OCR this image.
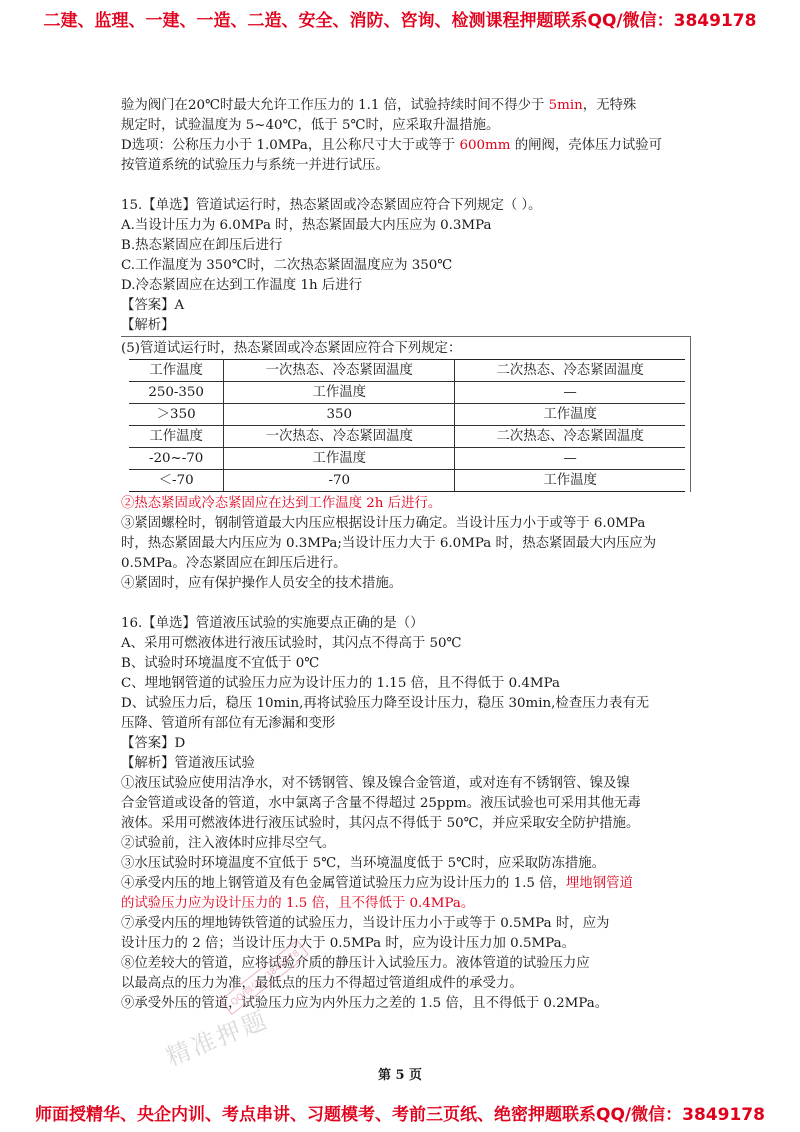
二建、监理、一建、一造、二造、安全、消防、咨询、检测课程押题联系QQ/微信：3849178

验为阀门在20℃时最大允许工作压力的 1.1 倍，试验持续时间不得少于 5min，无特殊

规定时，试验温度为 5~40℃，低于 5℃时，应采取升温措施。

D选项：公称压力小于 1.0MPa，且公称尺寸大于或等于 600mm 的闸阀，壳体压力试验可

按管道系统的试验压力与系统一并进行试压。

15.【单选】管道试运行时，热态紧固或冷态紧固应符合下列规定（ ）。

A.当设计压力为 6.0MPa 时，热态紧固最大内压应为 0.3MPa

B.热态紧固应在卸压后进行

C.工作温度为 350℃时，二次热态紧固温度应为 350℃

D.冷态紧固应在达到工作温度 1h 后进行

【答案】A

【解析】

(5)管道试运行时，热态紧固或冷态紧固应符合下列规定：

工作温度	一次热态、冷态紧固温度	二次热态、冷态紧固温度
250-350	工作温度	—
＞350	350	工作温度
工作温度	一次热态、冷态紧固温度	二次热态、冷态紧固温度
-20~-70	工作温度	—
＜-70	-70	工作温度

②热态紧固或冷态紧固应在达到工作温度 2h 后进行。

③紧固螺栓时，钢制管道最大内压应根据设计压力确定。当设计压力小于或等于 6.0MPa

时，热态紧固最大内压应为 0.3MPa;当设计压力大于 6.0MPa 时，热态紧固最大内压应为

0.5MPa。冷态紧固应在卸压后进行。

④紧固时，应有保护操作人员安全的技术措施。

16.【单选】管道液压试验的实施要点正确的是（）

A、采用可燃液体进行液压试验时，其闪点不得高于 50℃

B、试验时环境温度不宜低于 0℃

C、埋地钢管道的试验压力应为设计压力的 1.15 倍，且不得低于 0.4MPa

D、试验压力后，稳压 10min,再将试验压力降至设计压力，稳压 30min,检查压力表有无

压降、管道所有部位有无渗漏和变形

【答案】D

【解析】管道液压试验

①液压试验应使用洁净水，对不锈钢管、镍及镍合金管道，或对连有不锈钢管、镍及镍

合金管道或设备的管道，水中氯离子含量不得超过 25ppm。液压试验也可采用其他无毒

液体。采用可燃液体进行液压试验时，其闪点不得低于 50℃，并应采取安全防护措施。

②试验前，注入液体时应排尽空气。

③水压试验时环境温度不宜低于 5℃，当环境温度低于 5℃时，应采取防冻措施。

④承受内压的地上钢管道及有色金属管道试验压力应为设计压力的 1.5 倍，埋地钢管道

的试验压力应为设计压力的 1.5 倍，且不得低于 0.4MPa。

⑦承受内压的埋地铸铁管道的试验压力，当设计压力小于或等于 0.5MPa 时，应为

设计压力的 2 倍；当设计压力大于 0.5MPa 时，应为设计压力加 0.5MPa。

⑧位差较大的管道，应将试验介质的静压计入试验压力。液体管道的试验压力应

以最高点的压力为准，最低点的压力不得超过管道组成件的承受力。

⑨承受外压的管道，试验压力应为内外压力之差的 1.5 倍，且不得低于 0.2MPa。

QQ/微信：3849178
精准押题
第 5 页
师面授精华、央企内训、考点串讲、习题模考、考前三页纸、绝密押题联系QQ/微信：3849178
